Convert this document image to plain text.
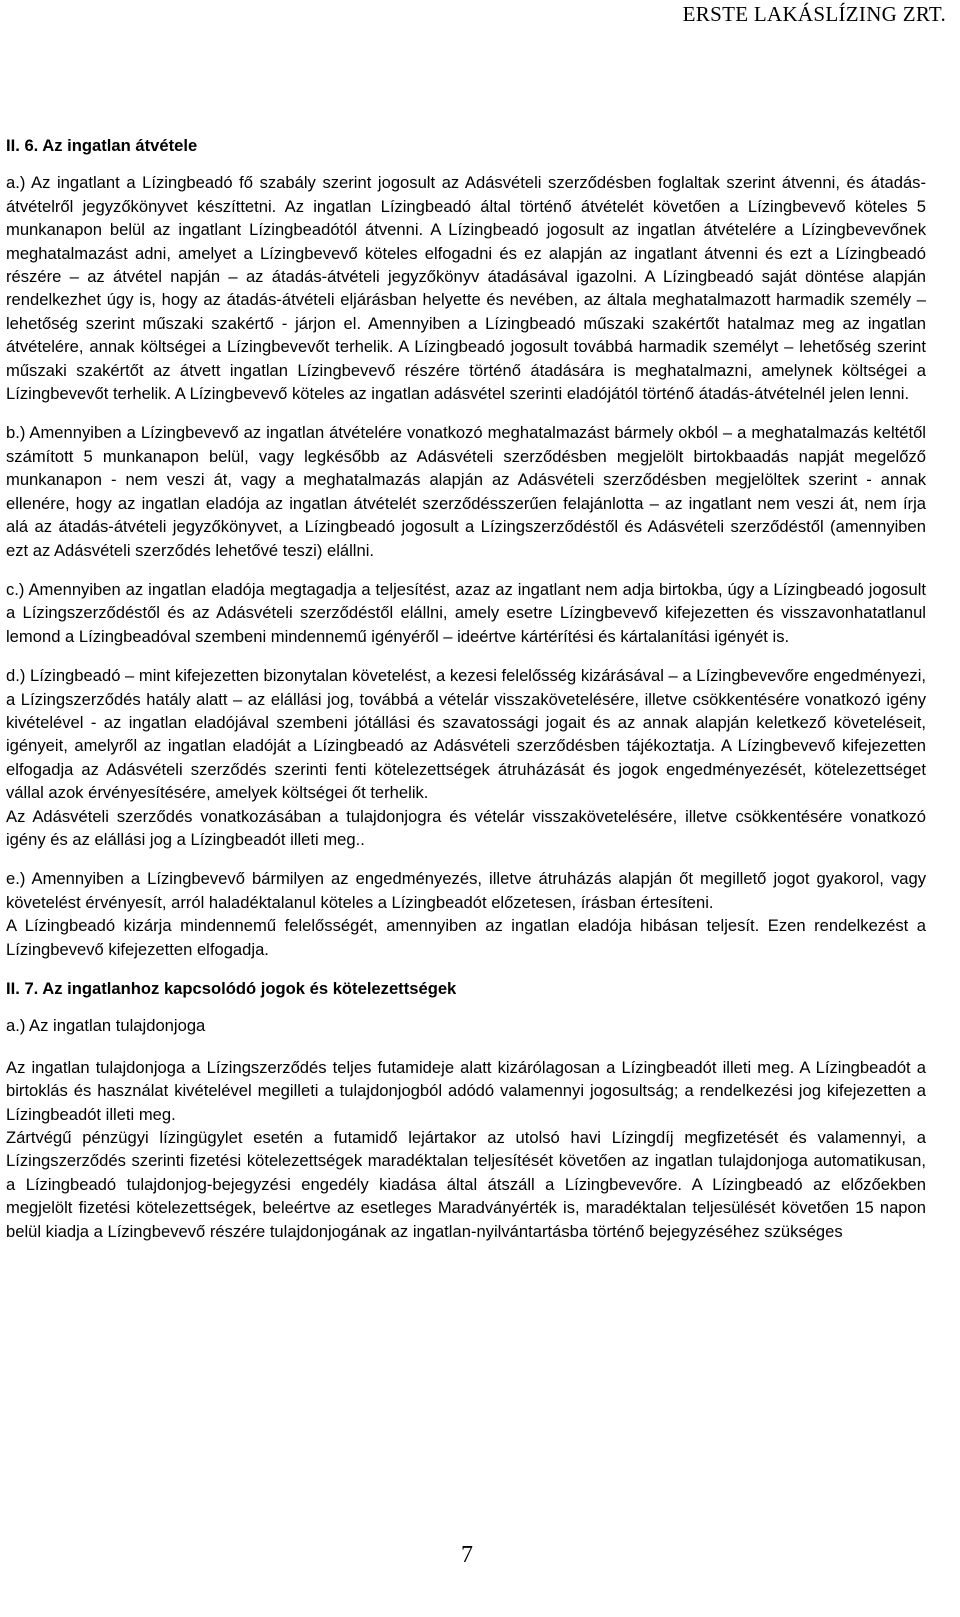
ERSTE LAKÁSLÍZING ZRT.

II. 6. Az ingatlan átvétele

a.) Az ingatlant a Lízingbeadó fő szabály szerint jogosult az Adásvételi szerződésben foglaltak szerint átvenni, és átadás-átvételről jegyzőkönyvet készíttetni. Az ingatlan Lízingbeadó által történő átvételét követően a Lízingbevevő köteles 5 munkanapon belül az ingatlant Lízingbeadótól átvenni. A Lízingbeadó jogosult az ingatlan átvételére a Lízingbevevőnek meghatalmazást adni, amelyet a Lízingbevevő köteles elfogadni és ez alapján az ingatlant átvenni és ezt a Lízingbeadó részére – az átvétel napján – az átadás-átvételi jegyzőkönyv átadásával igazolni. A Lízingbeadó saját döntése alapján rendelkezhet úgy is, hogy az átadás-átvételi eljárásban helyette és nevében, az általa meghatalmazott harmadik személy – lehetőség szerint műszaki szakértő - járjon el. Amennyiben a Lízingbeadó műszaki szakértőt hatalmaz meg az ingatlan átvételére, annak költségei a Lízingbevevőt terhelik. A Lízingbeadó jogosult továbbá harmadik személyt – lehetőség szerint műszaki szakértőt az átvett ingatlan Lízingbevevő részére történő átadására is meghatalmazni, amelynek költségei a Lízingbevevőt terhelik. A Lízingbevevő köteles az ingatlan adásvétel szerinti eladójától történő átadás-átvételnél jelen lenni.

b.) Amennyiben a Lízingbevevő az ingatlan átvételére vonatkozó meghatalmazást bármely okból – a meghatalmazás keltétől számított 5 munkanapon belül, vagy legkésőbb az Adásvételi szerződésben megjelölt birtokbaadás napját megelőző munkanapon - nem veszi át, vagy a meghatalmazás alapján az Adásvételi szerződésben megjelöltek szerint - annak ellenére, hogy az ingatlan eladója az ingatlan átvételét szerződésszerűen felajánlotta – az ingatlant nem veszi át, nem írja alá az átadás-átvételi jegyzőkönyvet, a Lízingbeadó jogosult a Lízingszerződéstől és Adásvételi szerződéstől (amennyiben ezt az Adásvételi szerződés lehetővé teszi) elállni.

c.) Amennyiben az ingatlan eladója megtagadja a teljesítést, azaz az ingatlant nem adja birtokba, úgy a Lízingbeadó jogosult a Lízingszerződéstől és az Adásvételi szerződéstől elállni, amely esetre Lízingbevevő kifejezetten és visszavonhatatlanul lemond a Lízingbeadóval szembeni mindennemű igényéről – ideértve kártérítési és kártalanítási igényét is.

d.) Lízingbeadó – mint kifejezetten bizonytalan követelést, a kezesi felelősség kizárásával – a Lízingbevevőre engedményezi, a Lízingszerződés hatály alatt – az elállási jog, továbbá a vételár visszakövetelésére, illetve csökkentésére vonatkozó igény kivételével - az ingatlan eladójával szembeni jótállási és szavatossági jogait és az annak alapján keletkező követeléseit, igényeit, amelyről az ingatlan eladóját a Lízingbeadó az Adásvételi szerződésben tájékoztatja. A Lízingbevevő kifejezetten elfogadja az Adásvételi szerződés szerinti fenti kötelezettségek átruházását és jogok engedményezését, kötelezettséget vállal azok érvényesítésére, amelyek költségei őt terhelik.

Az Adásvételi szerződés vonatkozásában a tulajdonjogra és vételár visszakövetelésére, illetve csökkentésére vonatkozó igény és az elállási jog a Lízingbeadót illeti meg..

e.) Amennyiben a Lízingbevevő bármilyen az engedményezés, illetve átruházás alapján őt megillető jogot gyakorol, vagy követelést érvényesít, arról haladéktalanul köteles a Lízingbeadót előzetesen, írásban értesíteni.

A Lízingbeadó kizárja mindennemű felelősségét, amennyiben az ingatlan eladója hibásan teljesít. Ezen rendelkezést a Lízingbevevő kifejezetten elfogadja.

II. 7. Az ingatlanhoz kapcsolódó jogok és kötelezettségek

a.) Az ingatlan tulajdonjoga

Az ingatlan tulajdonjoga a Lízingszerződés teljes futamideje alatt kizárólagosan a Lízingbeadót illeti meg. A Lízingbeadót a birtoklás és használat kivételével megilleti a tulajdonjogból adódó valamennyi jogosultság; a rendelkezési jog kifejezetten a Lízingbeadót illeti meg.

Zártvégű pénzügyi lízingügylet esetén a futamidő lejártakor az utolsó havi Lízingdíj megfizetését és valamennyi, a Lízingszerződés szerinti fizetési kötelezettségek maradéktalan teljesítését követően az ingatlan tulajdonjoga automatikusan, a Lízingbeadó tulajdonjog-bejegyzési engedély kiadása által átszáll a Lízingbevevőre. A Lízingbeadó az előzőekben megjelölt fizetési kötelezettségek, beleértve az esetleges Maradványérték is, maradéktalan teljesülését követően 15 napon belül kiadja a Lízingbevevő részére tulajdonjogának az ingatlan-nyilvántartásba történő bejegyzéséhez szükséges

7
